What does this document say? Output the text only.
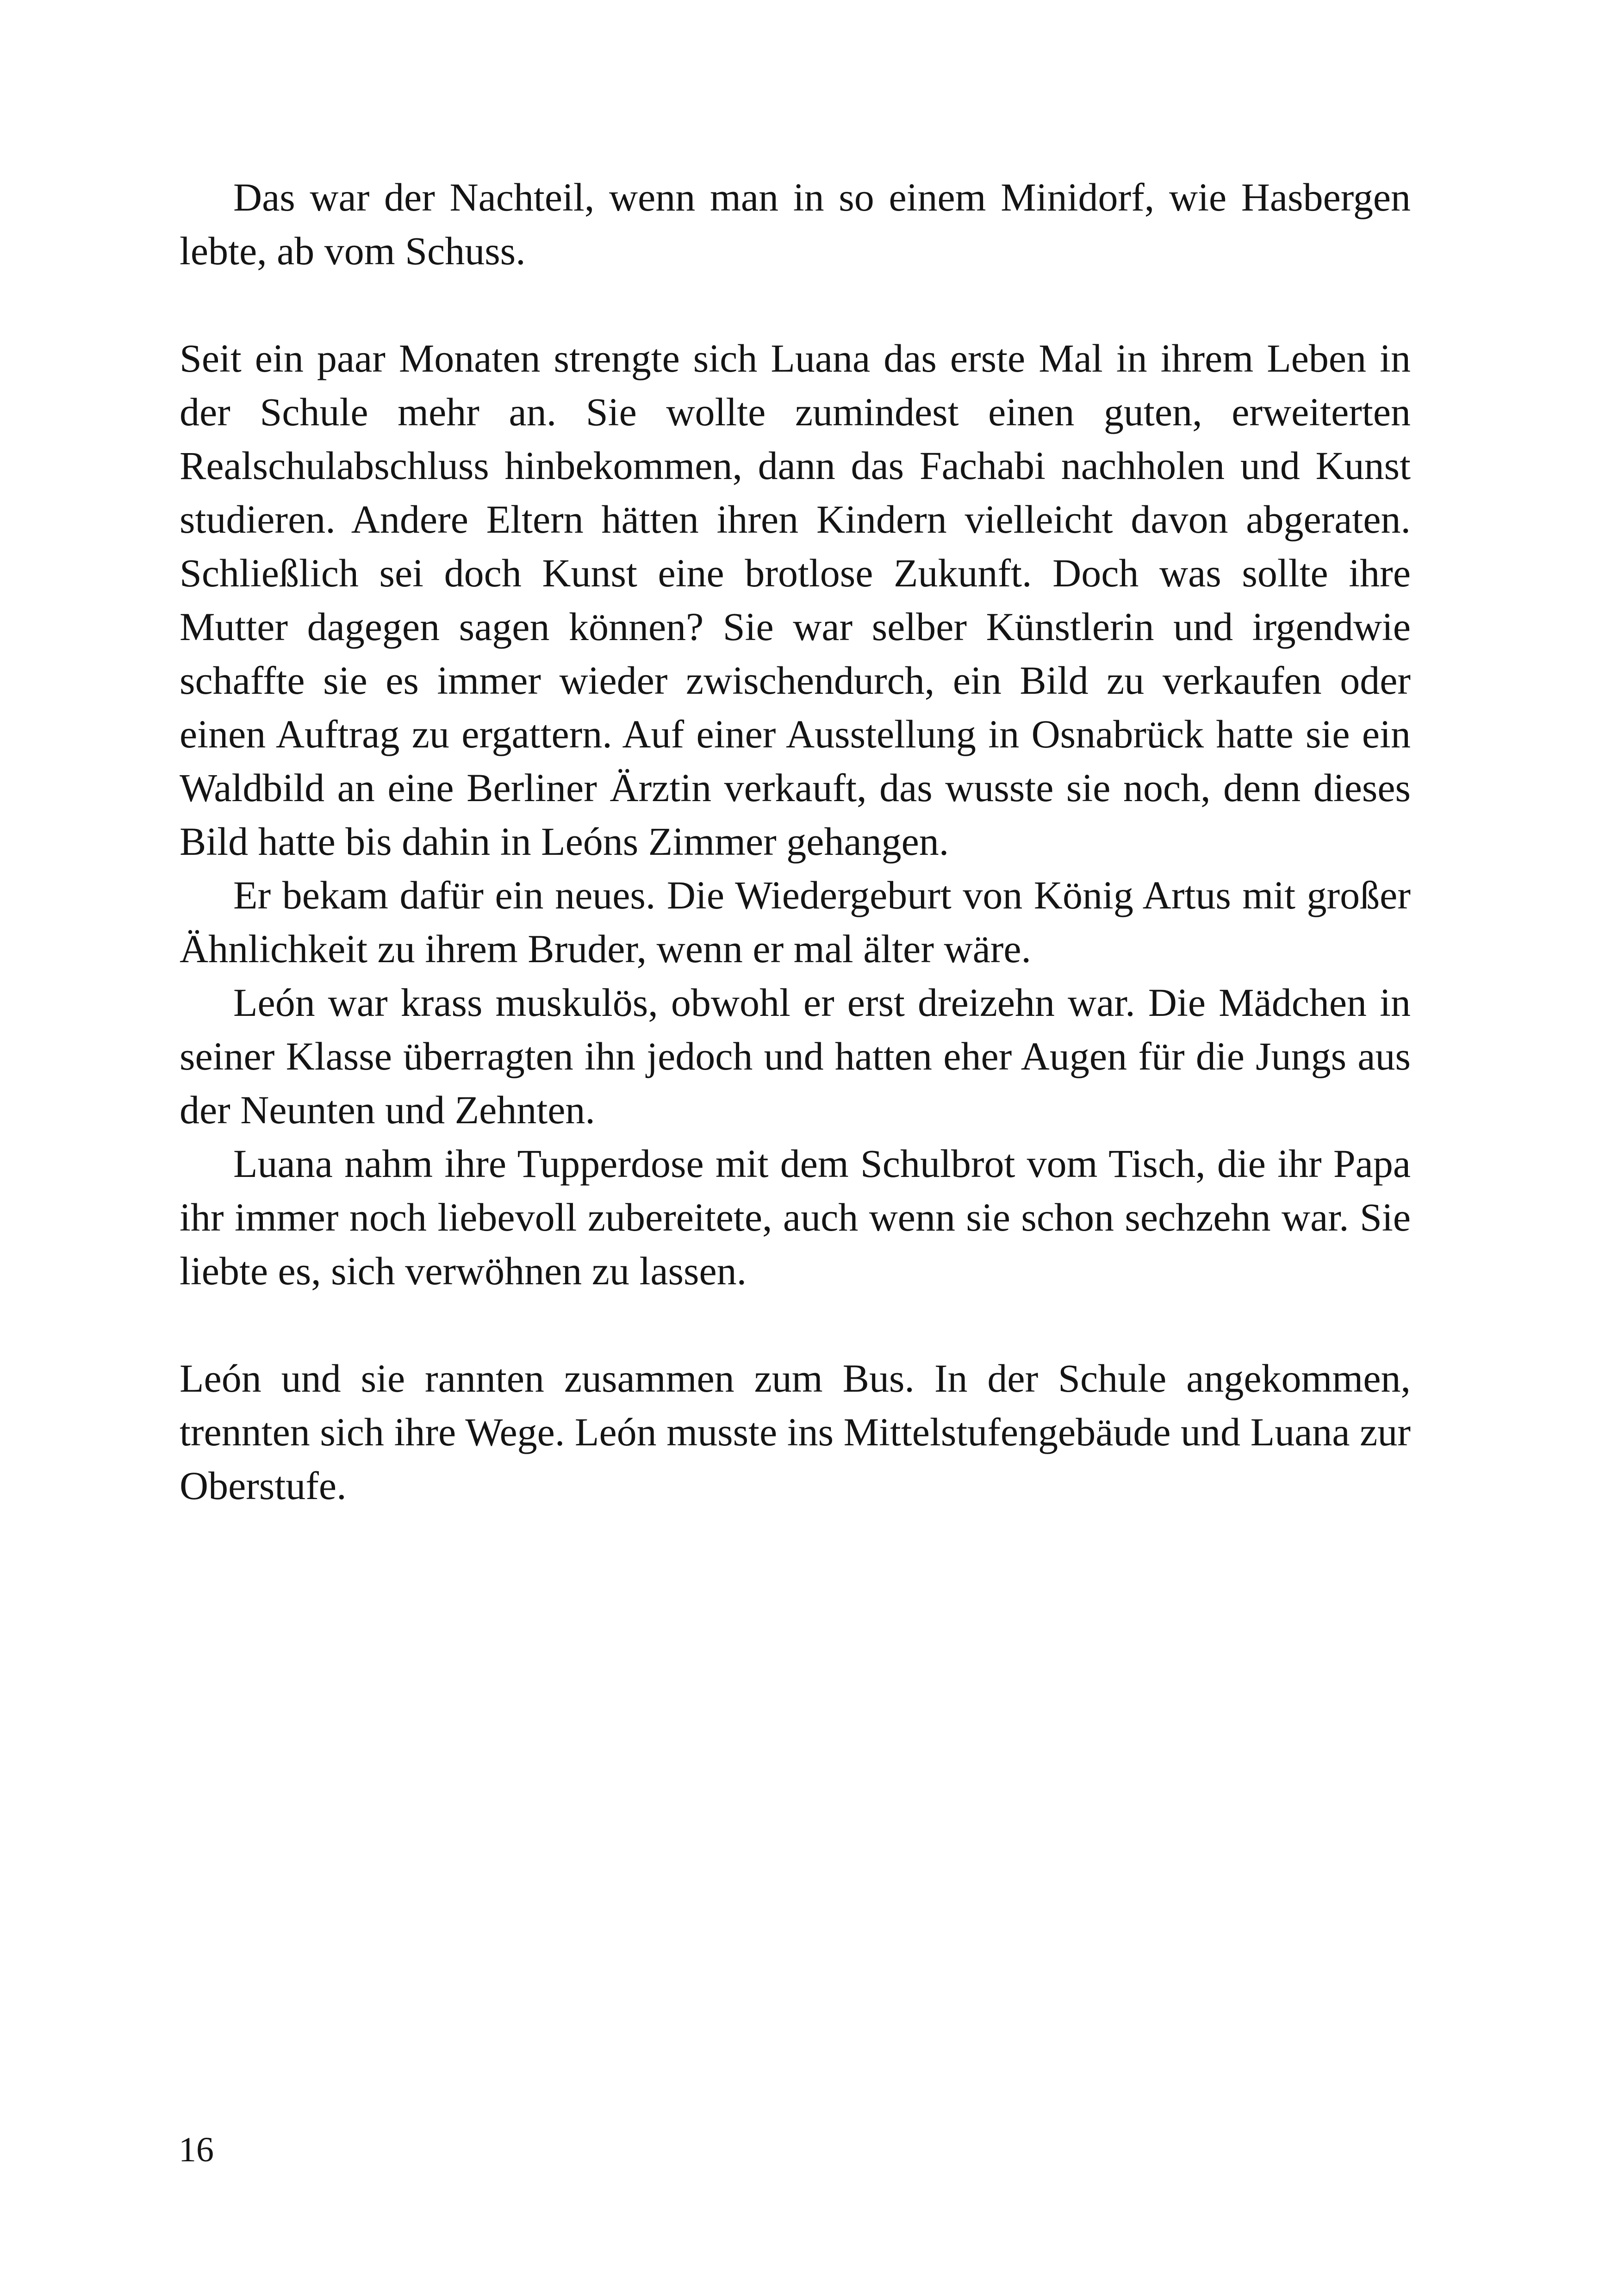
Das war der Nachteil, wenn man in so einem Minidorf, wie Hasbergen lebte, ab vom Schuss.

Seit ein paar Monaten strengte sich Luana das erste Mal in ihrem Leben in der Schule mehr an. Sie wollte zumindest einen guten, erweiterten Realschulabschluss hinbekommen, dann das Fachabi nachholen und Kunst studieren. Andere Eltern hätten ihren Kindern vielleicht davon abgeraten. Schließlich sei doch Kunst eine brotlose Zukunft. Doch was sollte ihre Mutter dagegen sagen können? Sie war selber Künstlerin und irgendwie schaffte sie es immer wieder zwischendurch, ein Bild zu verkaufen oder einen Auftrag zu ergattern. Auf einer Ausstellung in Osnabrück hatte sie ein Waldbild an eine Berliner Ärztin verkauft, das wusste sie noch, denn dieses Bild hatte bis dahin in Leóns Zimmer gehangen.

Er bekam dafür ein neues. Die Wiedergeburt von König Artus mit großer Ähnlichkeit zu ihrem Bruder, wenn er mal älter wäre.

León war krass muskulös, obwohl er erst dreizehn war. Die Mädchen in seiner Klasse überragten ihn jedoch und hatten eher Augen für die Jungs aus der Neunten und Zehnten.

Luana nahm ihre Tupperdose mit dem Schulbrot vom Tisch, die ihr Papa ihr immer noch liebevoll zubereitete, auch wenn sie schon sechzehn war. Sie liebte es, sich verwöhnen zu lassen.

León und sie rannten zusammen zum Bus. In der Schule angekommen, trennten sich ihre Wege. León musste ins Mittelstufengebäude und Luana zur Oberstufe.

16
